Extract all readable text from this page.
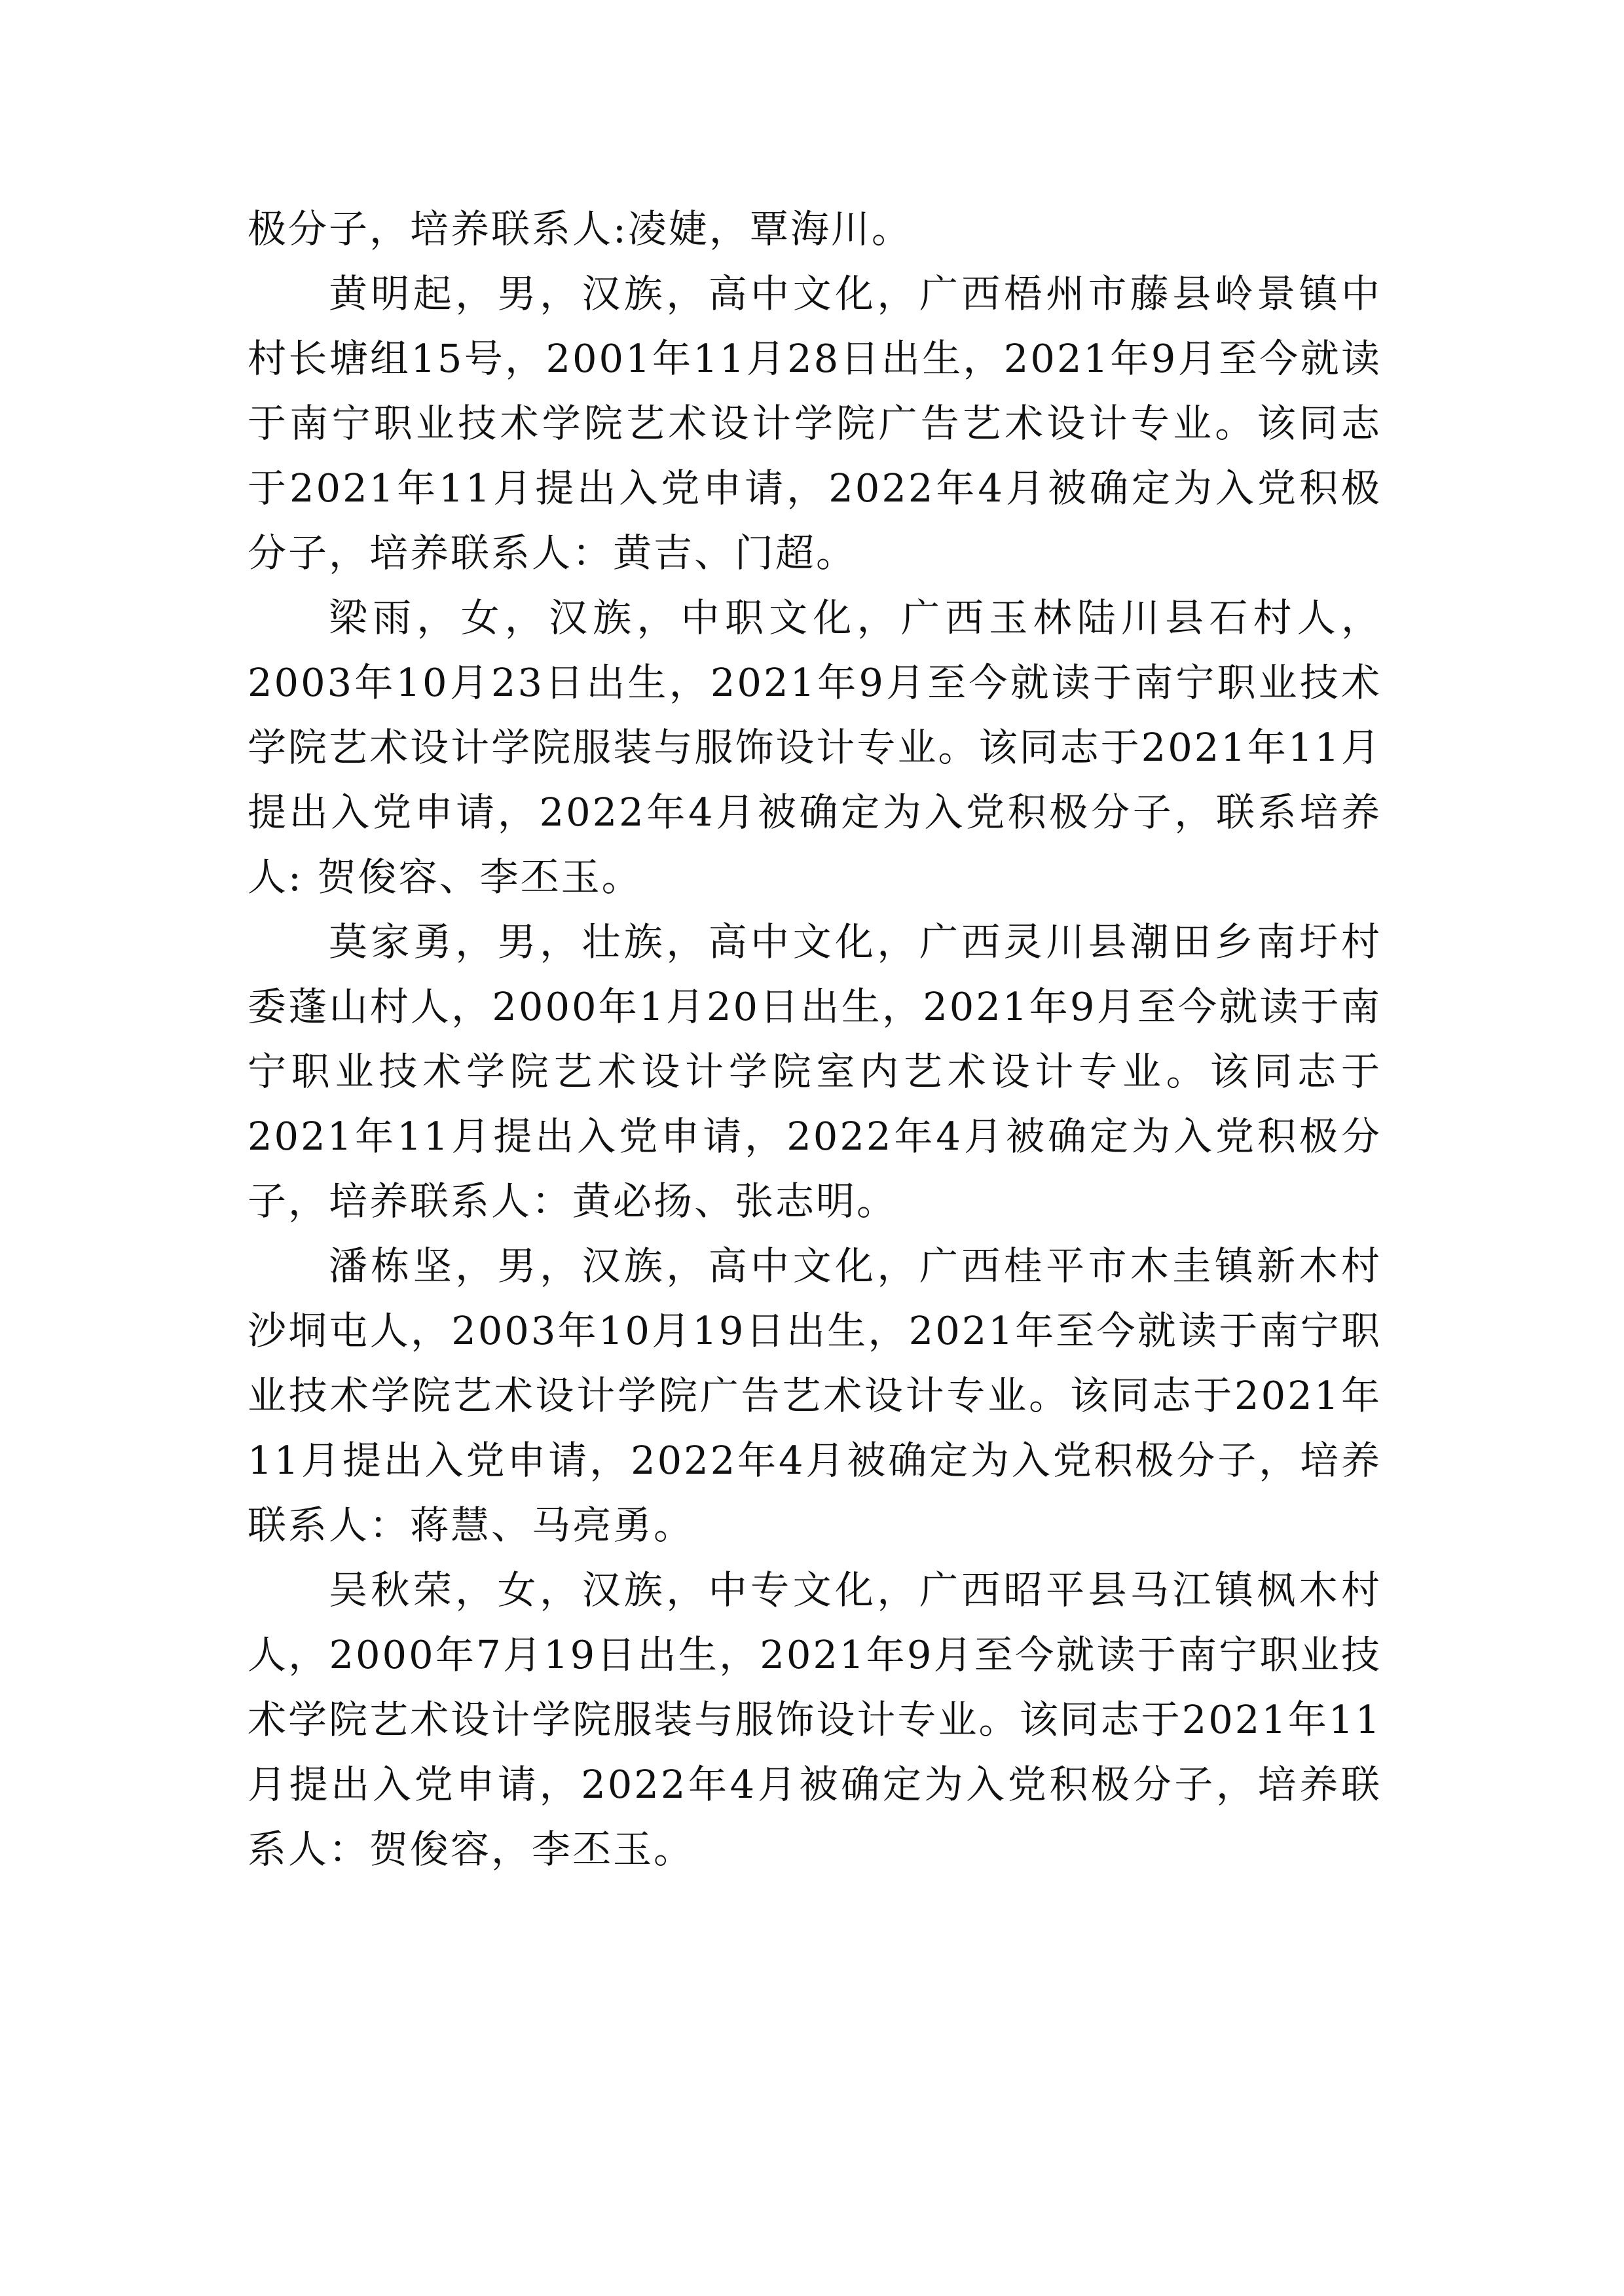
极分子，培养联系人:凌婕，覃海川。

黄明起，男，汉族，高中文化，广西梧州市藤县岭景镇中村长塘组15号，2001年11月28日出生，2021年9月至今就读于南宁职业技术学院艺术设计学院广告艺术设计专业。该同志于2021年11月提出入党申请，2022年4月被确定为入党积极分子，培养联系人：黄吉、门超。

梁雨，女，汉族，中职文化，广西玉林陆川县石村人，2003年10月23日出生，2021年9月至今就读于南宁职业技术学院艺术设计学院服装与服饰设计专业。该同志于2021年11月提出入党申请，2022年4月被确定为入党积极分子，联系培养人: 贺俊容、李丕玉。

莫家勇，男，壮族，高中文化，广西灵川县潮田乡南圩村委蓬山村人，2000年1月20日出生，2021年9月至今就读于南宁职业技术学院艺术设计学院室内艺术设计专业。该同志于2021年11月提出入党申请，2022年4月被确定为入党积极分子，培养联系人：黄必扬、张志明。

潘栋坚，男，汉族，高中文化，广西桂平市木圭镇新木村沙垌屯人，2003年10月19日出生，2021年至今就读于南宁职业技术学院艺术设计学院广告艺术设计专业。该同志于2021年11月提出入党申请，2022年4月被确定为入党积极分子，培养联系人：蒋慧、马亮勇。

吴秋荣，女，汉族，中专文化，广西昭平县马江镇枫木村人，2000年7月19日出生，2021年9月至今就读于南宁职业技术学院艺术设计学院服装与服饰设计专业。该同志于2021年11月提出入党申请，2022年4月被确定为入党积极分子，培养联系人：贺俊容，李丕玉。
